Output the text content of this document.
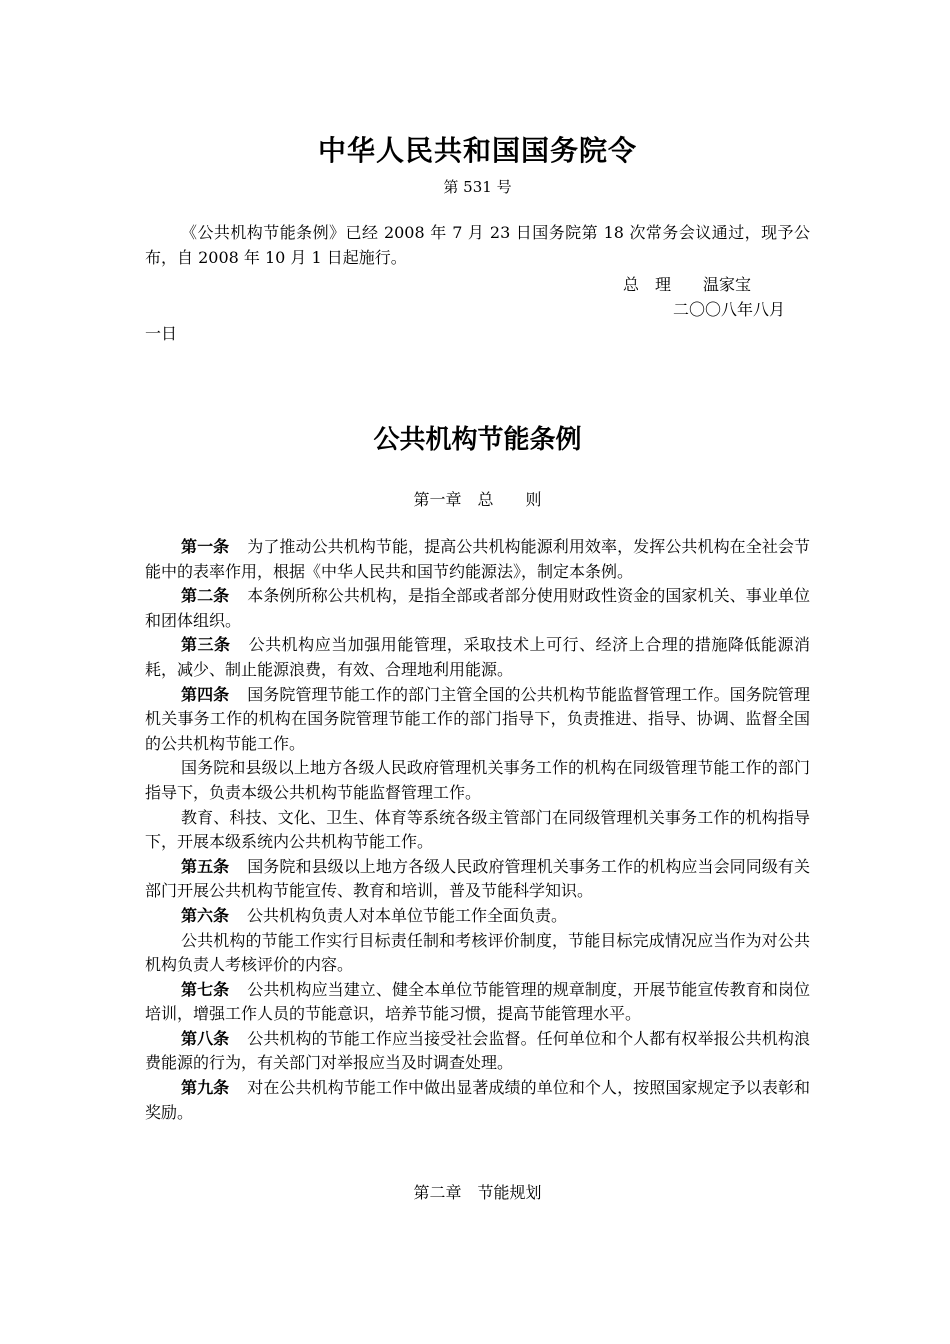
中华人民共和国国务院令
第 531 号

《公共机构节能条例》已经 2008 年 7 月 23 日国务院第 18 次常务会议通过，现予公布，自 2008 年 10 月 1 日起施行。

总　理　　 温家宝
二〇〇八年八月
一日
公共机构节能条例
第一章　总　　则

第一条 为了推动公共机构节能，提高公共机构能源利用效率，发挥公共机构在全社会节能中的表率作用，根据《中华人民共和国节约能源法》，制定本条例。

第二条 本条例所称公共机构，是指全部或者部分使用财政性资金的国家机关、事业单位和团体组织。

第三条 公共机构应当加强用能管理，采取技术上可行、经济上合理的措施降低能源消耗，减少、制止能源浪费，有效、合理地利用能源。

第四条 国务院管理节能工作的部门主管全国的公共机构节能监督管理工作。国务院管理机关事务工作的机构在国务院管理节能工作的部门指导下，负责推进、指导、协调、监督全国的公共机构节能工作。

国务院和县级以上地方各级人民政府管理机关事务工作的机构在同级管理节能工作的部门指导下，负责本级公共机构节能监督管理工作。

教育、科技、文化、卫生、体育等系统各级主管部门在同级管理机关事务工作的机构指导下，开展本级系统内公共机构节能工作。

第五条 国务院和县级以上地方各级人民政府管理机关事务工作的机构应当会同同级有关部门开展公共机构节能宣传、教育和培训，普及节能科学知识。

第六条 公共机构负责人对本单位节能工作全面负责。

公共机构的节能工作实行目标责任制和考核评价制度，节能目标完成情况应当作为对公共机构负责人考核评价的内容。

第七条 公共机构应当建立、健全本单位节能管理的规章制度，开展节能宣传教育和岗位培训，增强工作人员的节能意识，培养节能习惯，提高节能管理水平。

第八条 公共机构的节能工作应当接受社会监督。任何单位和个人都有权举报公共机构浪费能源的行为，有关部门对举报应当及时调查处理。

第九条 对在公共机构节能工作中做出显著成绩的单位和个人，按照国家规定予以表彰和奖励。

第二章　节能规划
